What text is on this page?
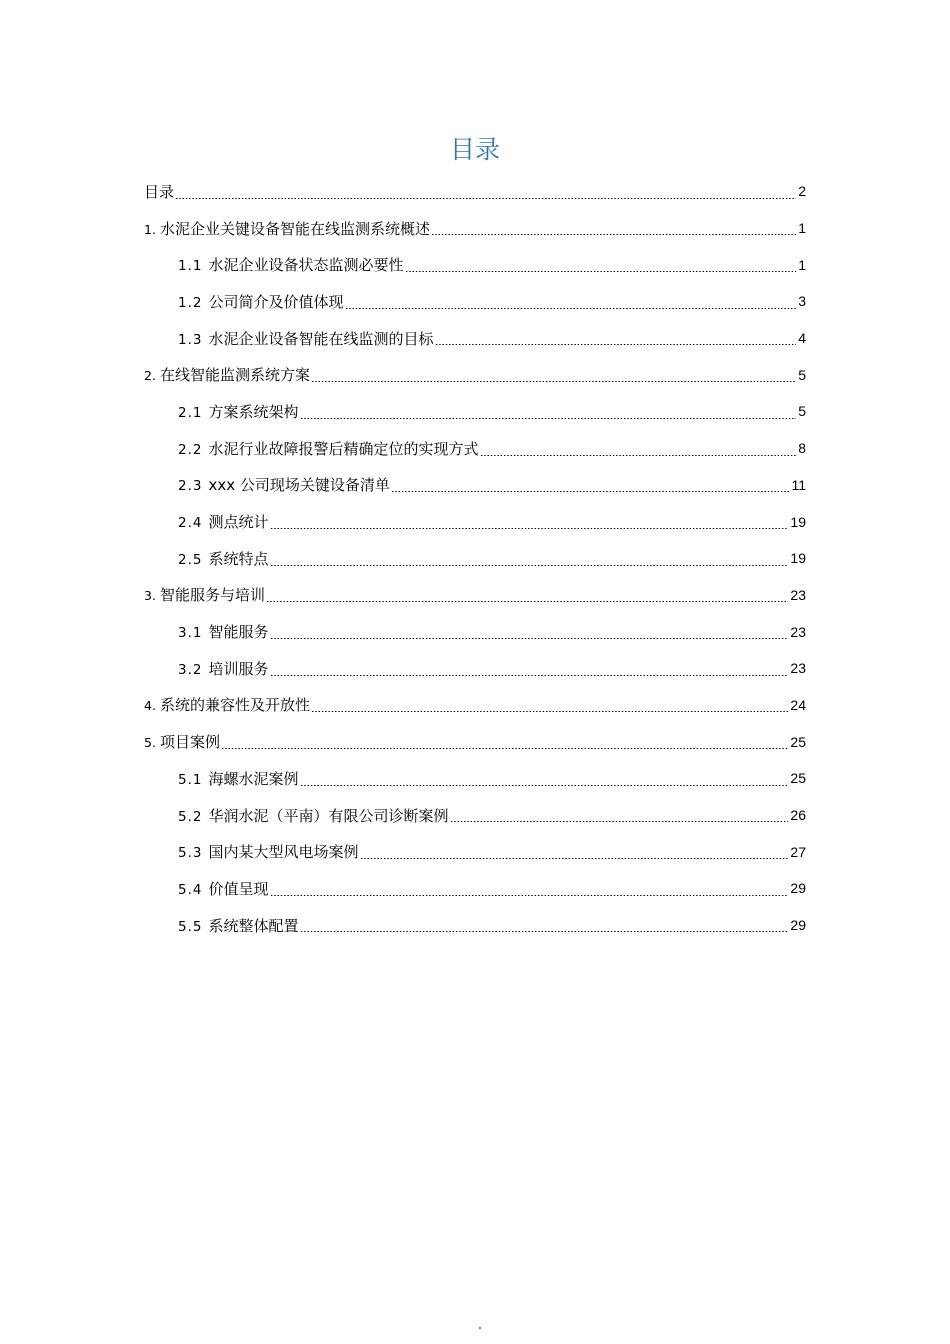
目录
目录	2
1. 水泥企业关键设备智能在线监测系统概述	1
1.1 水泥企业设备状态监测必要性	1
1.2 公司简介及价值体现	3
1.3 水泥企业设备智能在线监测的目标	4
2. 在线智能监测系统方案	5
2.1 方案系统架构	5
2.2 水泥行业故障报警后精确定位的实现方式	8
2.3 xxx 公司现场关键设备清单	11
2.4 测点统计	19
2.5 系统特点	19
3. 智能服务与培训	23
3.1 智能服务	23
3.2 培训服务	23
4. 系统的兼容性及开放性	24
5. 项目案例	25
5.1 海螺水泥案例	25
5.2 华润水泥（平南）有限公司诊断案例	26
5.3 国内某大型风电场案例	27
5.4 价值呈现	29
5.5 系统整体配置	29
